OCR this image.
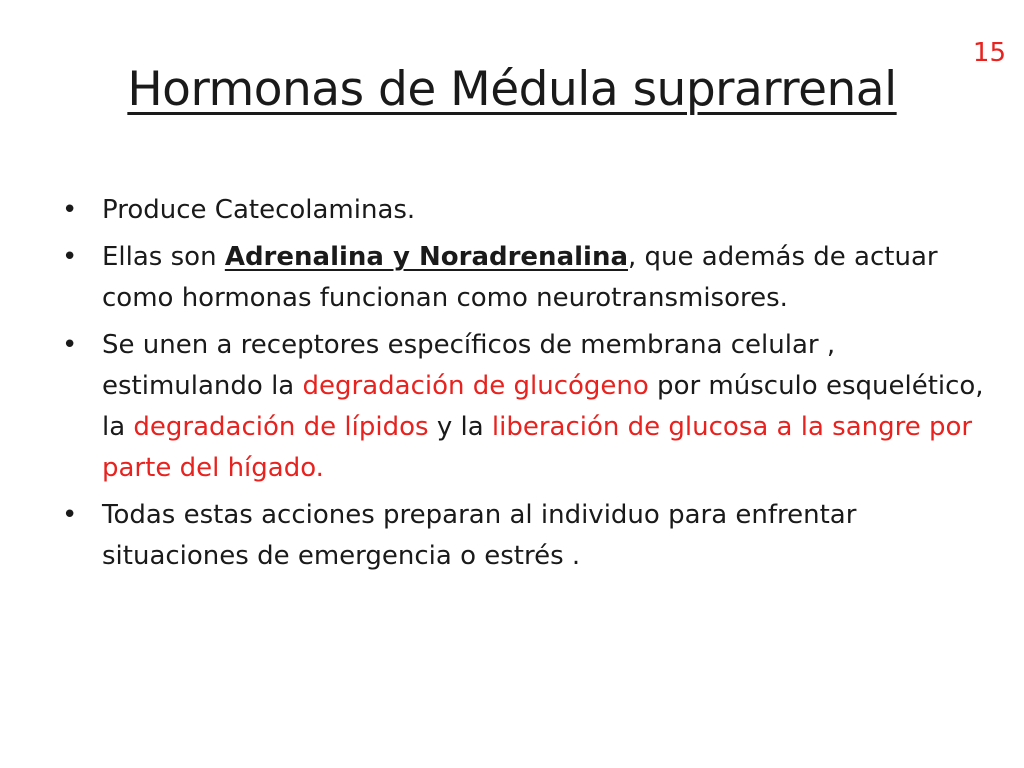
15
Hormonas de Médula suprarrenal
• Produce Catecolaminas.
• Ellas son Adrenalina y Noradrenalina, que además de actuar como hormonas funcionan como neurotransmisores.
• Se unen a receptores específicos de membrana celular , estimulando la degradación de glucógeno por músculo esquelético, la degradación de lípidos y la liberación de glucosa a la sangre por parte del hígado.
• Todas estas acciones preparan al individuo para enfrentar situaciones de emergencia o estrés .
